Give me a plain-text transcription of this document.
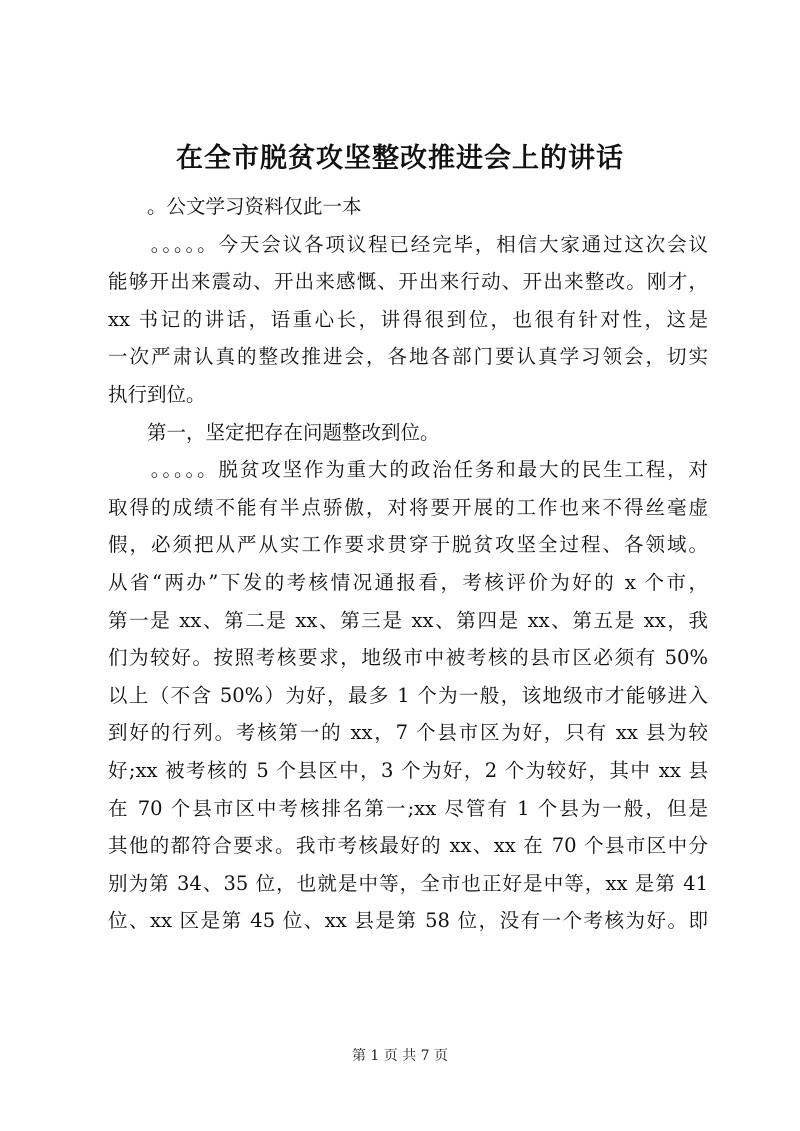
在全市脱贫攻坚整改推进会上的讲话
　　。公文学习资料仅此一本
　　。。。。。今天会议各项议程已经完毕，相信大家通过这次会议
能够开出来震动、开出来感慨、开出来行动、开出来整改。刚才，
xx 书记的讲话，语重心长，讲得很到位，也很有针对性，这是
一次严肃认真的整改推进会，各地各部门要认真学习领会，切实
执行到位。
　　第一，坚定把存在问题整改到位。
　　。。。。。脱贫攻坚作为重大的政治任务和最大的民生工程，对
取得的成绩不能有半点骄傲，对将要开展的工作也来不得丝毫虚
假，必须把从严从实工作要求贯穿于脱贫攻坚全过程、各领域。
从省“两办”下发的考核情况通报看，考核评价为好的 x 个市，
第一是 xx、第二是 xx、第三是 xx、第四是 xx、第五是 xx，我
们为较好。按照考核要求，地级市中被考核的县市区必须有 50%
以上（不含 50%）为好，最多 1 个为一般，该地级市才能够进入
到好的行列。考核第一的 xx，7 个县市区为好，只有 xx 县为较
好;xx 被考核的 5 个县区中，3 个为好，2 个为较好，其中 xx 县
在 70 个县市区中考核排名第一;xx 尽管有 1 个县为一般，但是
其他的都符合要求。我市考核最好的 xx、xx 在 70 个县市区中分
别为第 34、35 位，也就是中等，全市也正好是中等，xx 是第 41
位、xx 区是第 45 位、xx 县是第 58 位，没有一个考核为好。即
第 1 页 共 7 页
